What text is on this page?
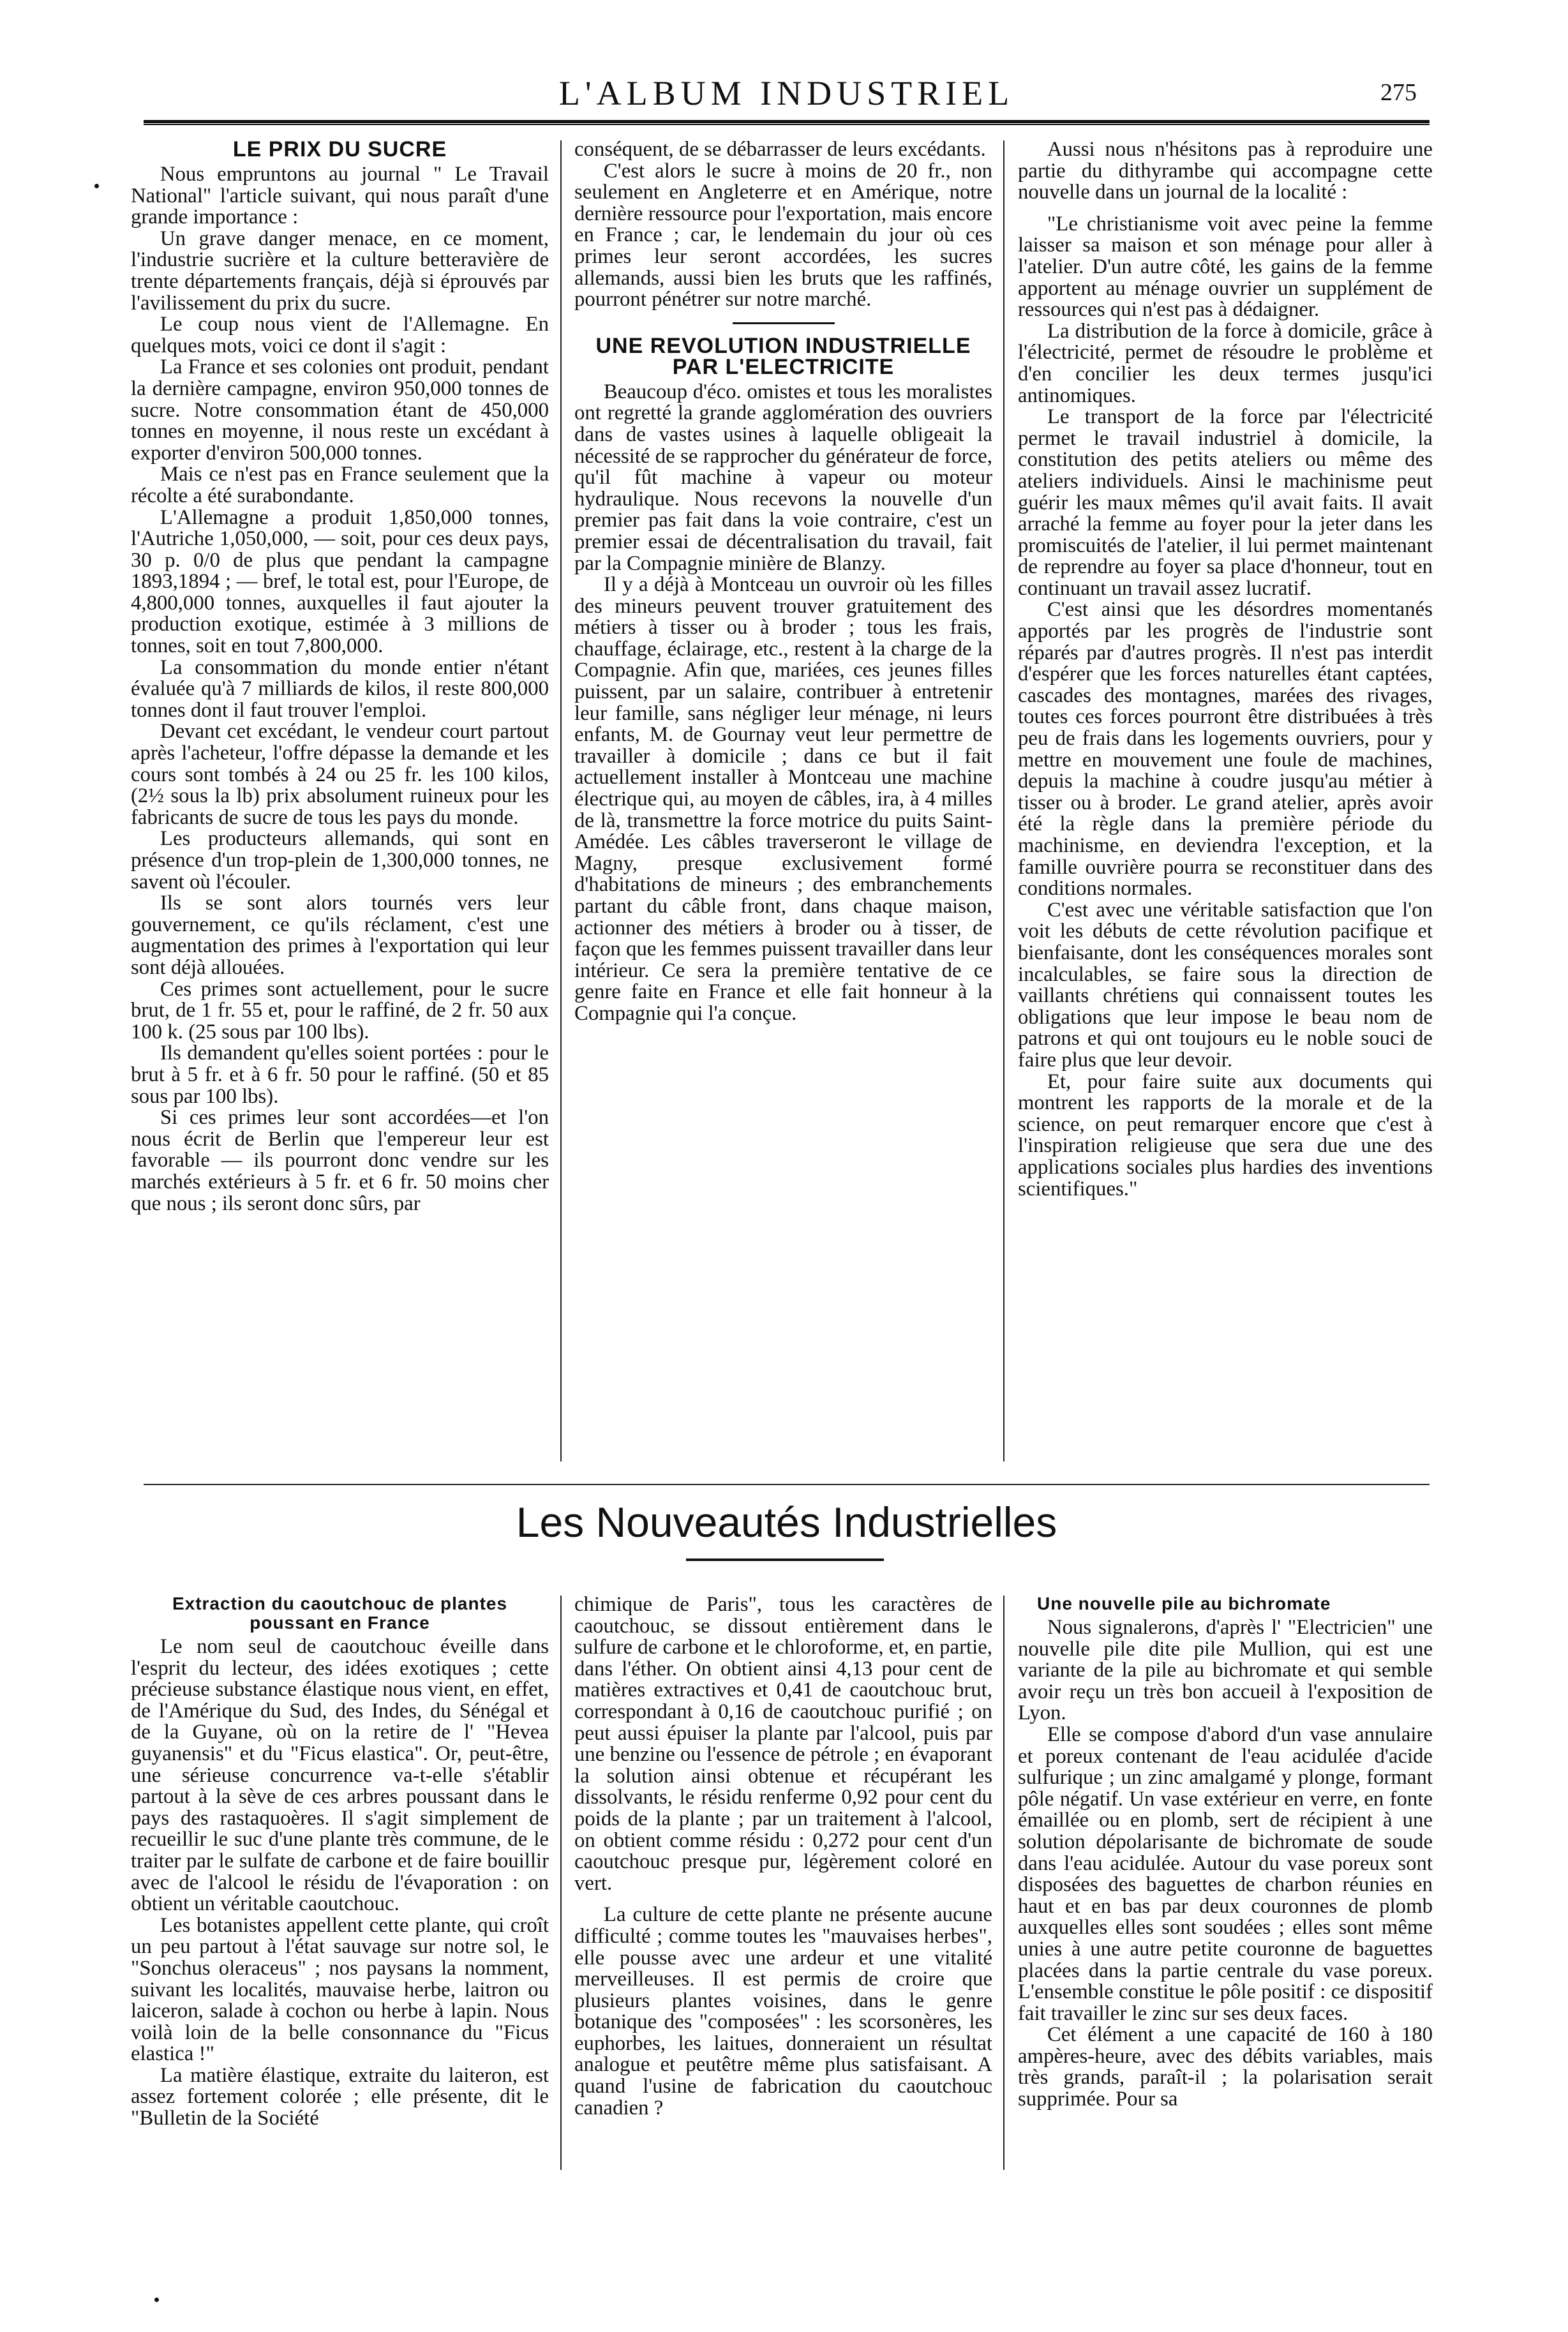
L'ALBUM INDUSTRIEL	275
LE PRIX DU SUCRE

Nous empruntons au journal " Le Travail National" l'article suivant, qui nous paraît d'une grande importance :

Un grave danger menace, en ce moment, l'industrie sucrière et la culture betteravière de trente départements français, déjà si éprouvés par l'avilissement du prix du sucre.

Le coup nous vient de l'Allemagne. En quelques mots, voici ce dont il s'agit :

La France et ses colonies ont produit, pendant la dernière campagne, environ 950,000 tonnes de sucre. Notre consommation étant de 450,000 tonnes en moyenne, il nous reste un excédant à exporter d'environ 500,000 tonnes.

Mais ce n'est pas en France seulement que la récolte a été surabondante.

L'Allemagne a produit 1,850,000 tonnes, l'Autriche 1,050,000, — soit, pour ces deux pays, 30 p. 0/0 de plus que pendant la campagne 1893,1894 ; — bref, le total est, pour l'Europe, de 4,800,000 tonnes, auxquelles il faut ajouter la production exotique, estimée à 3 millions de tonnes, soit en tout 7,800,000.

La consommation du monde entier n'étant évaluée qu'à 7 milliards de kilos, il reste 800,000 tonnes dont il faut trouver l'emploi.

Devant cet excédant, le vendeur court partout après l'acheteur, l'offre dépasse la demande et les cours sont tombés à 24 ou 25 fr. les 100 kilos, (2½ sous la lb) prix absolument ruineux pour les fabricants de sucre de tous les pays du monde.

Les producteurs allemands, qui sont en présence d'un trop-plein de 1,300,000 tonnes, ne savent où l'écouler.

Ils se sont alors tournés vers leur gouvernement, ce qu'ils réclament, c'est une augmentation des primes à l'exportation qui leur sont déjà allouées.

Ces primes sont actuellement, pour le sucre brut, de 1 fr. 55 et, pour le raffiné, de 2 fr. 50 aux 100 k. (25 sous par 100 lbs).

Ils demandent qu'elles soient portées : pour le brut à 5 fr. et à 6 fr. 50 pour le raffiné. (50 et 85 sous par 100 lbs).

Si ces primes leur sont accordées—et l'on nous écrit de Berlin que l'empereur leur est favorable — ils pourront donc vendre sur les marchés extérieurs à 5 fr. et 6 fr. 50 moins cher que nous ; ils seront donc sûrs, par

conséquent, de se débarrasser de leurs excédants.

C'est alors le sucre à moins de 20 fr., non seulement en Angleterre et en Amérique, notre dernière ressource pour l'exportation, mais encore en France ; car, le lendemain du jour où ces primes leur seront accordées, les sucres allemands, aussi bien les bruts que les raffinés, pourront pénétrer sur notre marché.

UNE REVOLUTION INDUSTRIELLE PAR L'ELECTRICITE

Beaucoup d'éco. omistes et tous les moralistes ont regretté la grande agglomération des ouvriers dans de vastes usines à laquelle obligeait la nécessité de se rapprocher du générateur de force, qu'il fût machine à vapeur ou moteur hydraulique. Nous recevons la nouvelle d'un premier pas fait dans la voie contraire, c'est un premier essai de décentralisation du travail, fait par la Compagnie minière de Blanzy.

Il y a déjà à Montceau un ouvroir où les filles des mineurs peuvent trouver gratuitement des métiers à tisser ou à broder ; tous les frais, chauffage, éclairage, etc., restent à la charge de la Compagnie. Afin que, mariées, ces jeunes filles puissent, par un salaire, contribuer à entretenir leur famille, sans négliger leur ménage, ni leurs enfants, M. de Gournay veut leur permettre de travailler à domicile ; dans ce but il fait actuellement installer à Montceau une machine électrique qui, au moyen de câbles, ira, à 4 milles de là, transmettre la force motrice du puits Saint-Amédée. Les câbles traverseront le village de Magny, presque exclusivement formé d'habitations de mineurs ; des embranchements partant du câble front, dans chaque maison, actionner des métiers à broder ou à tisser, de façon que les femmes puissent travailler dans leur intérieur. Ce sera la première tentative de ce genre faite en France et elle fait honneur à la Compagnie qui l'a conçue.

Aussi nous n'hésitons pas à reproduire une partie du dithyrambe qui accompagne cette nouvelle dans un journal de la localité :

"Le christianisme voit avec peine la femme laisser sa maison et son ménage pour aller à l'atelier. D'un autre côté, les gains de la femme apportent au ménage ouvrier un supplément de ressources qui n'est pas à dédaigner.

La distribution de la force à domicile, grâce à l'électricité, permet de résoudre le problème et d'en concilier les deux termes jusqu'ici antinomiques.

Le transport de la force par l'électricité permet le travail industriel à domicile, la constitution des petits ateliers ou même des ateliers individuels. Ainsi le machinisme peut guérir les maux mêmes qu'il avait faits. Il avait arraché la femme au foyer pour la jeter dans les promiscuités de l'atelier, il lui permet maintenant de reprendre au foyer sa place d'honneur, tout en continuant un travail assez lucratif.

C'est ainsi que les désordres momentanés apportés par les progrès de l'industrie sont réparés par d'autres progrès. Il n'est pas interdit d'espérer que les forces naturelles étant captées, cascades des montagnes, marées des rivages, toutes ces forces pourront être distribuées à très peu de frais dans les logements ouvriers, pour y mettre en mouvement une foule de machines, depuis la machine à coudre jusqu'au métier à tisser ou à broder. Le grand atelier, après avoir été la règle dans la première période du machinisme, en deviendra l'exception, et la famille ouvrière pourra se reconstituer dans des conditions normales.

C'est avec une véritable satisfaction que l'on voit les débuts de cette révolution pacifique et bienfaisante, dont les conséquences morales sont incalculables, se faire sous la direction de vaillants chrétiens qui connaissent toutes les obligations que leur impose le beau nom de patrons et qui ont toujours eu le noble souci de faire plus que leur devoir.

Et, pour faire suite aux documents qui montrent les rapports de la morale et de la science, on peut remarquer encore que c'est à l'inspiration religieuse que sera due une des applications sociales plus hardies des inventions scientifiques."

Les Nouveautés Industrielles
Extraction du caoutchouc de plantes poussant en France

Le nom seul de caoutchouc éveille dans l'esprit du lecteur, des idées exotiques ; cette précieuse substance élastique nous vient, en effet, de l'Amérique du Sud, des Indes, du Sénégal et de la Guyane, où on la retire de l' "Hevea guyanensis" et du "Ficus elastica". Or, peut-être, une sérieuse concurrence va-t-elle s'établir partout à la sève de ces arbres poussant dans le pays des rastaquoères. Il s'agit simplement de recueillir le suc d'une plante très commune, de le traiter par le sulfate de carbone et de faire bouillir avec de l'alcool le résidu de l'évaporation : on obtient un véritable caoutchouc.

Les botanistes appellent cette plante, qui croît un peu partout à l'état sauvage sur notre sol, le "Sonchus oleraceus" ; nos paysans la nomment, suivant les localités, mauvaise herbe, laitron ou laiceron, salade à cochon ou herbe à lapin. Nous voilà loin de la belle consonnance du "Ficus elastica !"

La matière élastique, extraite du laiteron, est assez fortement colorée ; elle présente, dit le "Bulletin de la Société

chimique de Paris", tous les caractères de caoutchouc, se dissout entièrement dans le sulfure de carbone et le chloroforme, et, en partie, dans l'éther. On obtient ainsi 4,13 pour cent de matières extractives et 0,41 de caoutchouc brut, correspondant à 0,16 de caoutchouc purifié ; on peut aussi épuiser la plante par l'alcool, puis par une benzine ou l'essence de pétrole ; en évaporant la solution ainsi obtenue et récupérant les dissolvants, le résidu renferme 0,92 pour cent du poids de la plante ; par un traitement à l'alcool, on obtient comme résidu : 0,272 pour cent d'un caoutchouc presque pur, légèrement coloré en vert.

La culture de cette plante ne présente aucune difficulté ; comme toutes les "mauvaises herbes", elle pousse avec une ardeur et une vitalité merveilleuses. Il est permis de croire que plusieurs plantes voisines, dans le genre botanique des "composées" : les scorsonères, les euphorbes, les laitues, donneraient un résultat analogue et peutêtre même plus satisfaisant. A quand l'usine de fabrication du caoutchouc canadien ?

Une nouvelle pile au bichromate

Nous signalerons, d'après l' "Electricien" une nouvelle pile dite pile Mullion, qui est une variante de la pile au bichromate et qui semble avoir reçu un très bon accueil à l'exposition de Lyon.

Elle se compose d'abord d'un vase annulaire et poreux contenant de l'eau acidulée d'acide sulfurique ; un zinc amalgamé y plonge, formant pôle négatif. Un vase extérieur en verre, en fonte émaillée ou en plomb, sert de récipient à une solution dépolarisante de bichromate de soude dans l'eau acidulée. Autour du vase poreux sont disposées des baguettes de charbon réunies en haut et en bas par deux couronnes de plomb auxquelles elles sont soudées ; elles sont même unies à une autre petite couronne de baguettes placées dans la partie centrale du vase poreux. L'ensemble constitue le pôle positif : ce dispositif fait travailler le zinc sur ses deux faces.

Cet élément a une capacité de 160 à 180 ampères-heure, avec des débits variables, mais très grands, paraît-il ; la polarisation serait supprimée. Pour sa
